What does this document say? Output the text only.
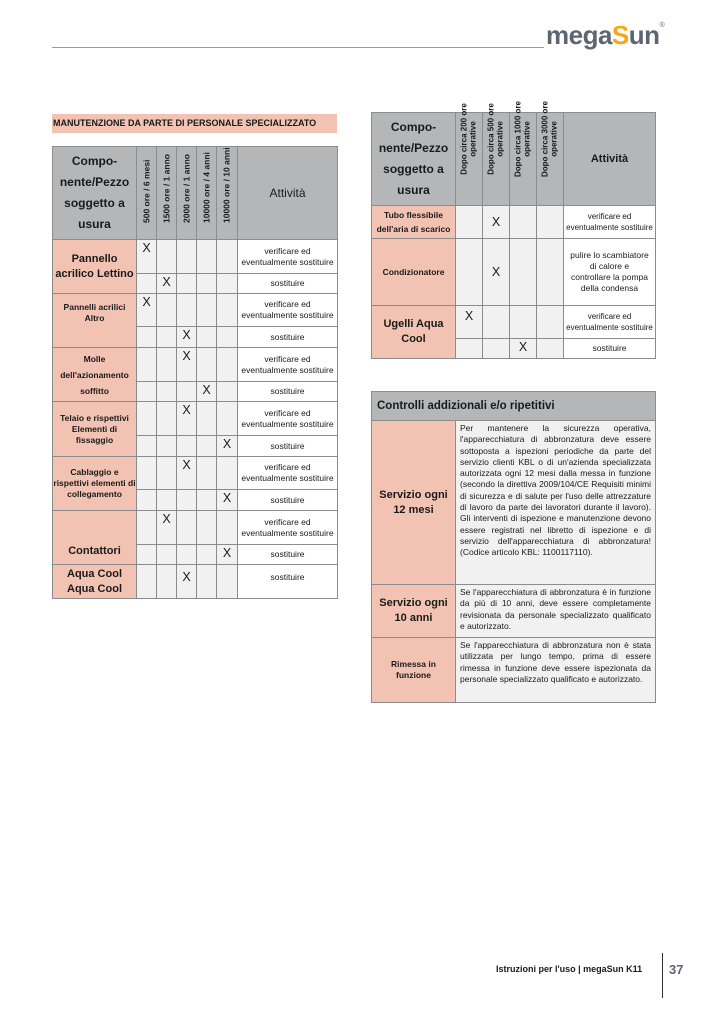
megaSun®
MANUTENZIONE DA PARTE DI PERSONALE SPECIALIZZATO
Compo-nente/Pezzo soggetto a usura	500 ore / 6 mesi	1500 ore / 1 anno	2000 ore / 1 anno	10000 ore / 4 anni	10000 ore / 10 anni	Attività
Pannello acrilico Lettino	X					verificare ed eventualmente sostituire
		X				sostituire
Pannelli acrilici Altro	X					verificare ed eventualmente sostituire
			X			sostituire
Molle dell'azionamento soffitto			X			verificare ed eventualmente sostituire
				X		sostituire
Telaio e rispettivi Elementi di fissaggio			X			verificare ed eventualmente sostituire
					X	sostituire
Cablaggio e rispettivi elementi di collegamento			X			verificare ed eventualmente sostituire
					X	sostituire
Contattori		X				verificare ed eventualmente sostituire
					X	sostituire
Aqua Cool Aqua Cool			X			sostituire
Compo-nente/Pezzo soggetto a usura	Dopo circa 200 ore operative	Dopo circa 500 ore operative	Dopo circa 1000 ore operative	Dopo circa 3000 ore operative	Attività
Tubo flessibile dell'aria di scarico		X			verificare ed eventualmente sostituire
Condizionatore		X			pulire lo scambiatore di calore e controllare la pompa della condensa
Ugelli Aqua Cool	X				verificare ed eventualmente sostituire
			X		sostituire
Controlli addizionali e/o ripetitivi	
Servizio ogni 12 mesi	Per mantenere la sicurezza operativa, l'apparecchiatura di abbronzatura deve essere sottoposta a ispezioni periodiche da parte del servizio clienti KBL o di un'azienda specializzata autorizzata ogni 12 mesi dalla messa in funzione (secondo la direttiva 2009/104/CE Requisiti minimi di sicurezza e di salute per l'uso delle attrezzature di lavoro da parte dei lavoratori durante il lavoro). Gli interventi di ispezione e manutenzione devono essere registrati nel libretto di ispezione e di servizio dell'apparecchiatura di abbronzatura! (Codice articolo KBL: 1100117110).
Servizio ogni 10 anni	Se l'apparecchiatura di abbronzatura è in funzione da più di 10 anni, deve essere completamente revisionata da personale specializzato qualificato e autorizzato.
Rimessa in funzione	Se l'apparecchiatura di abbronzatura non è stata utilizzata per lungo tempo, prima di essere rimessa in funzione deve essere ispezionata da personale specializzato qualificato e autorizzato.
Istruzioni per l'uso | megaSun K11 37
